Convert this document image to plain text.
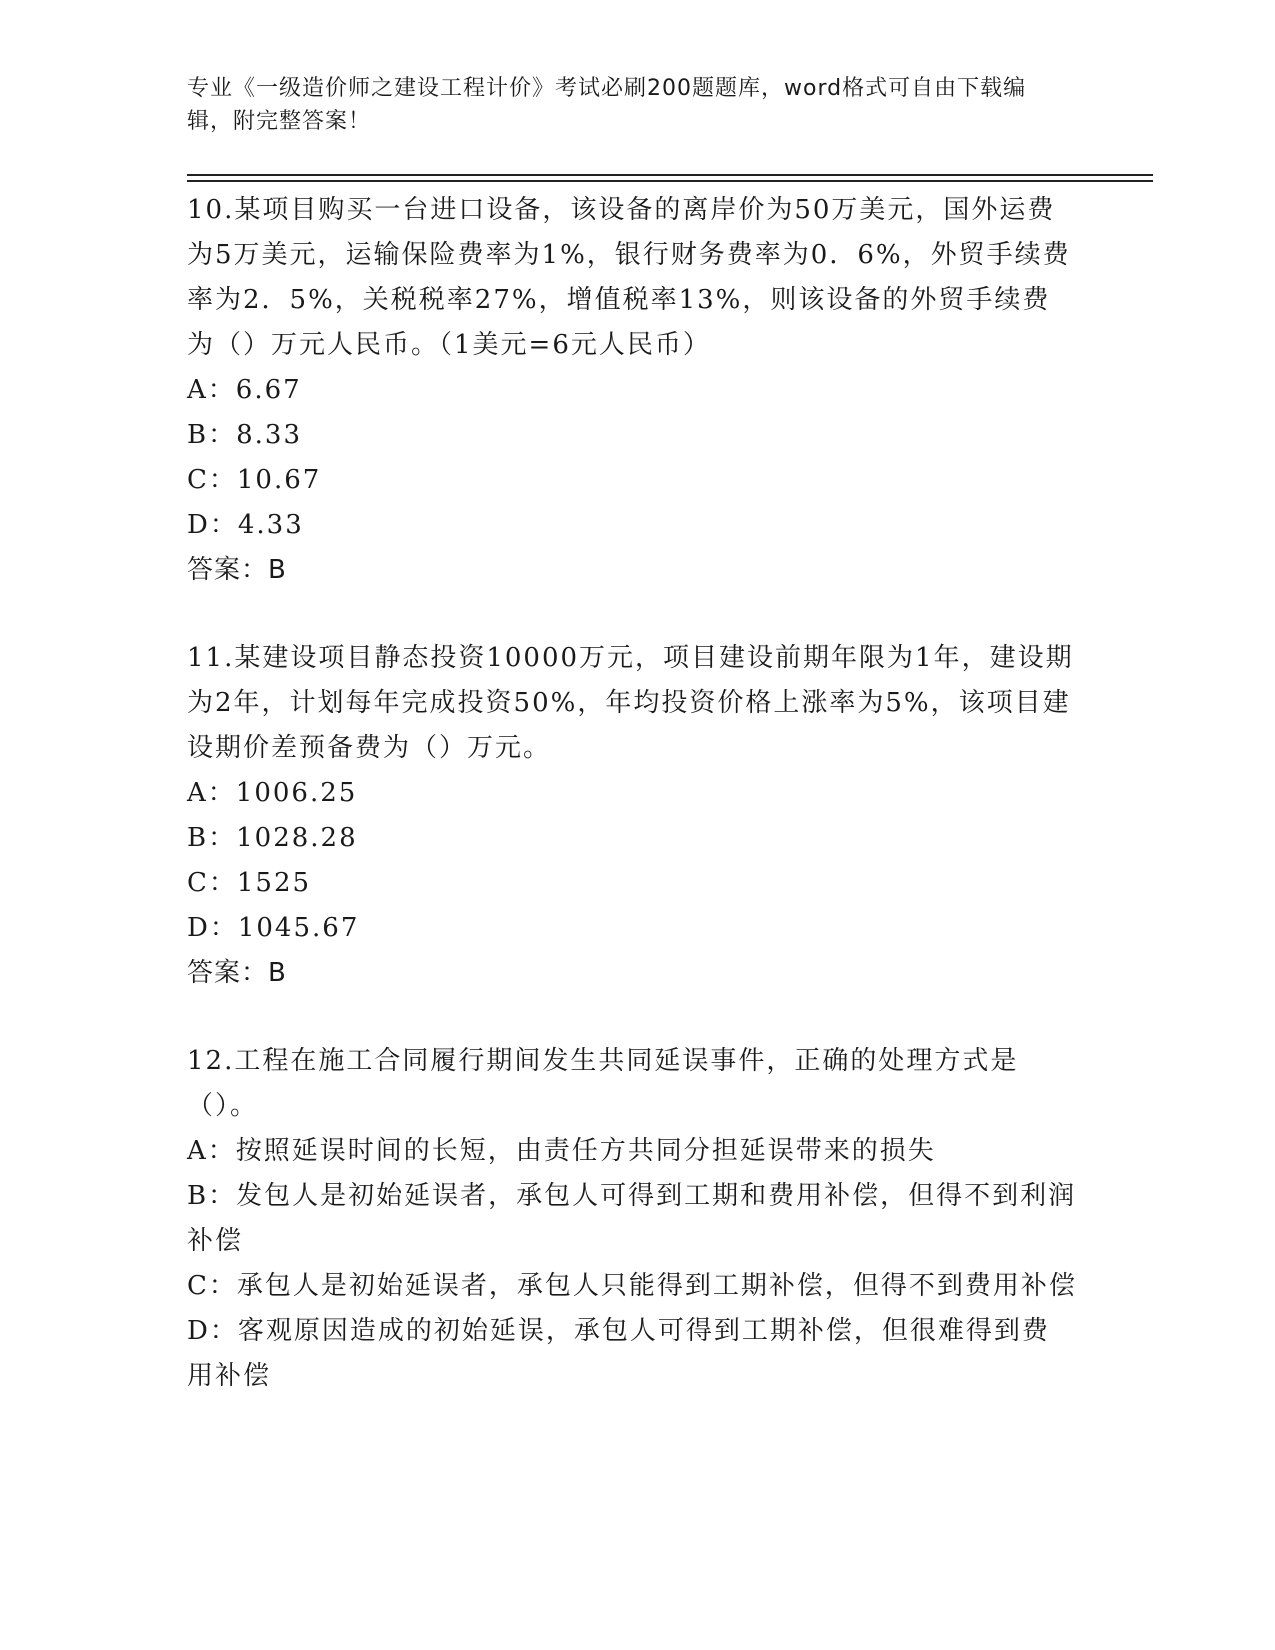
专业《一级造价师之建设工程计价》考试必刷200题题库，word格式可自由下载编辑，附完整答案！
10.某项目购买一台进口设备，该设备的离岸价为50万美元，国外运费为5万美元，运输保险费率为1%，银行财务费率为0．6%，外贸手续费率为2．5%，关税税率27%，增值税率13%，则该设备的外贸手续费为（）万元人民币。（1美元=6元人民币）
A：6.67
B：8.33
C：10.67
D：4.33
答案：B
11.某建设项目静态投资10000万元，项目建设前期年限为1年，建设期为2年，计划每年完成投资50%，年均投资价格上涨率为5%，该项目建设期价差预备费为（）万元。
A：1006.25
B：1028.28
C：1525
D：1045.67
答案：B
12.工程在施工合同履行期间发生共同延误事件，正确的处理方式是（）。
A：按照延误时间的长短，由责任方共同分担延误带来的损失
B：发包人是初始延误者，承包人可得到工期和费用补偿，但得不到利润补偿
C：承包人是初始延误者，承包人只能得到工期补偿，但得不到费用补偿
D：客观原因造成的初始延误，承包人可得到工期补偿，但很难得到费用补偿
